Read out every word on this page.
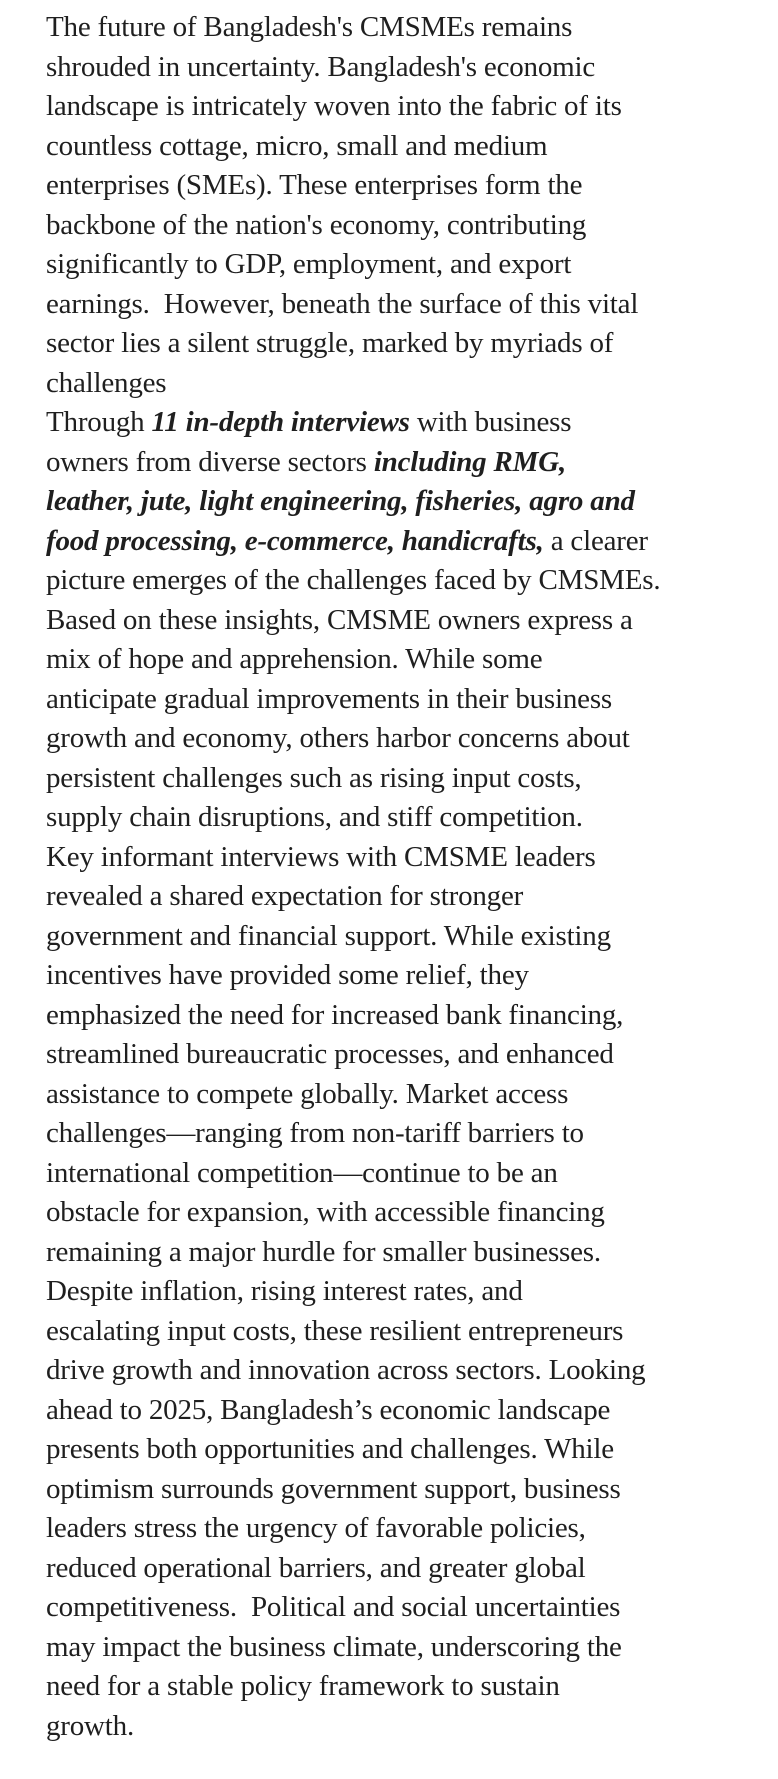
The future of Bangladesh's CMSMEs remains
shrouded in uncertainty. Bangladesh's economic
landscape is intricately woven into the fabric of its
countless cottage, micro, small and medium
enterprises (SMEs). These enterprises form the
backbone of the nation's economy, contributing
significantly to GDP, employment, and export
earnings.  However, beneath the surface of this vital
sector lies a silent struggle, marked by myriads of
challenges
Through 11 in-depth interviews with business
owners from diverse sectors including RMG,
leather, jute, light engineering, fisheries, agro and
food processing, e-commerce, handicrafts, a clearer
picture emerges of the challenges faced by CMSMEs.
Based on these insights, CMSME owners express a
mix of hope and apprehension. While some
anticipate gradual improvements in their business
growth and economy, others harbor concerns about
persistent challenges such as rising input costs,
supply chain disruptions, and stiff competition.
Key informant interviews with CMSME leaders
revealed a shared expectation for stronger
government and financial support. While existing
incentives have provided some relief, they
emphasized the need for increased bank financing,
streamlined bureaucratic processes, and enhanced
assistance to compete globally. Market access
challenges—ranging from non-tariff barriers to
international competition—continue to be an
obstacle for expansion, with accessible financing
remaining a major hurdle for smaller businesses.
Despite inflation, rising interest rates, and
escalating input costs, these resilient entrepreneurs
drive growth and innovation across sectors. Looking
ahead to 2025, Bangladesh’s economic landscape
presents both opportunities and challenges. While
optimism surrounds government support, business
leaders stress the urgency of favorable policies,
reduced operational barriers, and greater global
competitiveness.  Political and social uncertainties
may impact the business climate, underscoring the
need for a stable policy framework to sustain
growth.
